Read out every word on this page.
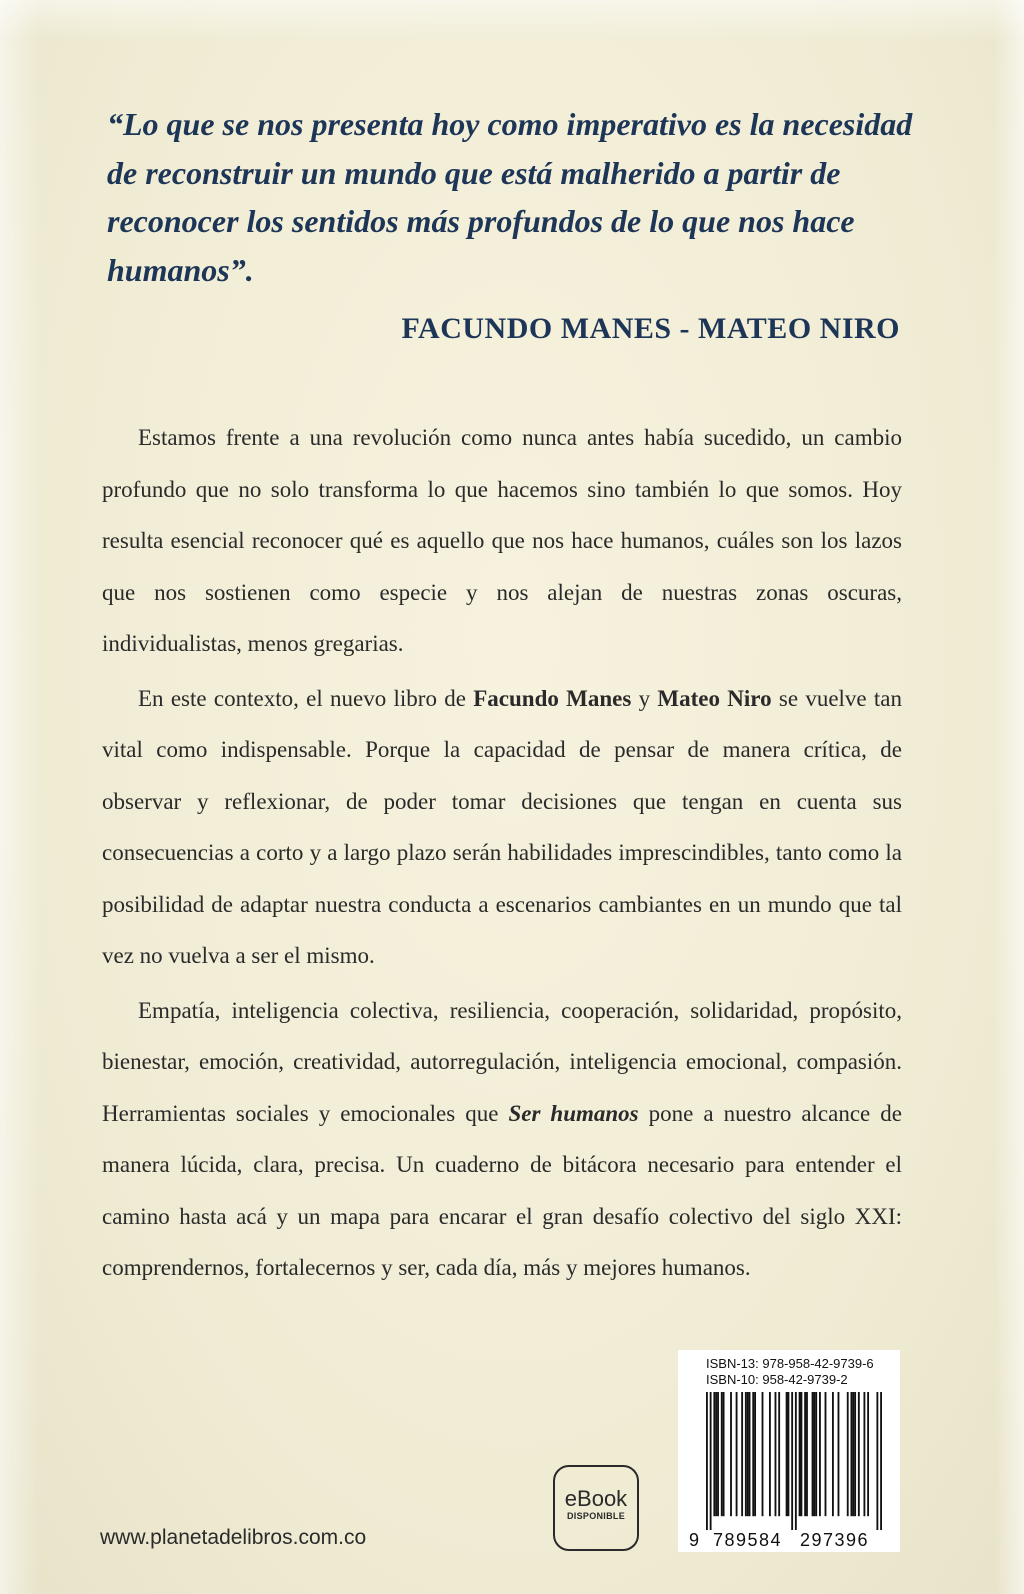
“Lo que se nos presenta hoy como imperativo es la necesidad de reconstruir un mundo que está malherido a partir de reconocer los sentidos más profundos de lo que nos hace humanos”.

FACUNDO MANES - MATEO NIRO

Estamos frente a una revolución como nunca antes había sucedido, un cambio profundo que no solo transforma lo que hacemos sino también lo que somos. Hoy resulta esencial reconocer qué es aquello que nos hace humanos, cuáles son los lazos que nos sostienen como especie y nos alejan de nuestras zonas oscuras, individualistas, menos gregarias.

En este contexto, el nuevo libro de Facundo Manes y Mateo Niro se vuelve tan vital como indispensable. Porque la capacidad de pensar de manera crítica, de observar y reflexionar, de poder tomar decisiones que tengan en cuenta sus consecuencias a corto y a largo plazo serán habilidades imprescindibles, tanto como la posibilidad de adaptar nuestra conducta a escenarios cambiantes en un mundo que tal vez no vuelva a ser el mismo.

Empatía, inteligencia colectiva, resiliencia, cooperación, solidaridad, propósito, bienestar, emoción, creatividad, autorregulación, inteligencia emocional, compasión. Herramientas sociales y emocionales que Ser humanos pone a nuestro alcance de manera lúcida, clara, precisa. Un cuaderno de bitácora necesario para entender el camino hasta acá y un mapa para encarar el gran desafío colectivo del siglo XXI: comprendernos, fortalecernos y ser, cada día, más y mejores humanos.

eBook
DISPONIBLE

www.planetadelibros.com.co

ISBN-13: 978-958-42-9739-6

ISBN-10: 958-42-9739-2

9 789584 297396
